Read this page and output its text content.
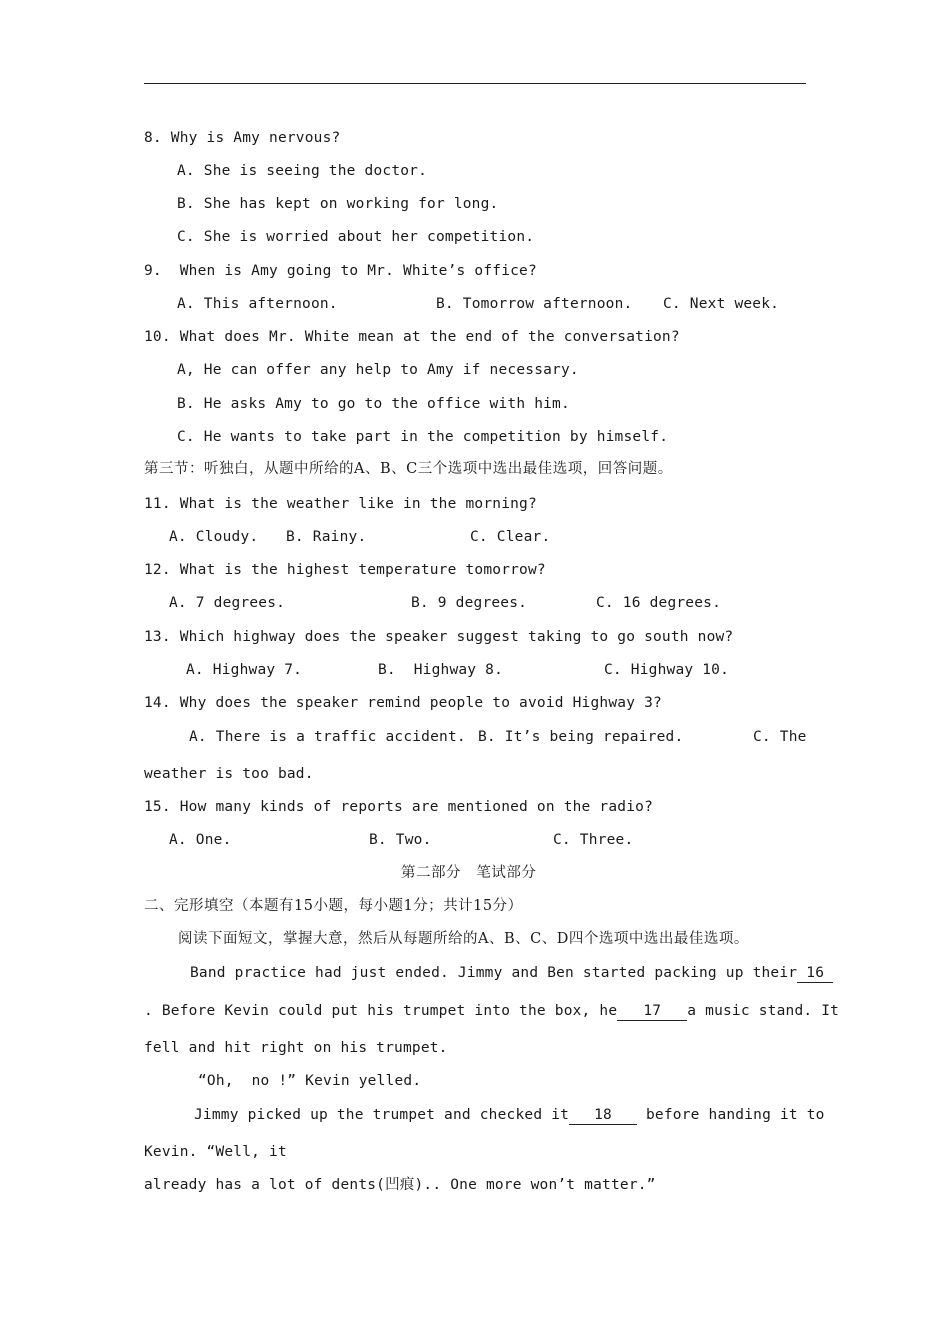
8. Why is Amy nervous?
A. She is seeing the doctor.
B. She has kept on working for long.
C. She is worried about her competition.
9.  When is Amy going to Mr. White’s office?
A. This afternoon.	B. Tomorrow afternoon. C. Next week.
10. What does Mr. White mean at the end of the conversation?
A, He can offer any help to Amy if necessary.
B. He asks Amy to go to the office with him.
C. He wants to take part in the competition by himself.
第三节：听独白，从题中所给的A、B、C三个选项中选出最佳选项，回答问题。
11. What is the weather like in the morning?
A. Cloudy. B. Rainy.	C. Clear.
12. What is the highest temperature tomorrow?
A. 7 degrees.	B. 9 degrees.	C. 16 degrees.
13. Which highway does the speaker suggest taking to go south now?
A. Highway 7.	B.  Highway 8.	C. Highway 10.
14. Why does the speaker remind people to avoid Highway 3?
A. There is a traffic accident. B. It’s being repaired.	C. The
weather is too bad.
15. How many kinds of reports are mentioned on the radio?
A. One.	B. Two.	C. Three.
第二部分   笔试部分
二、完形填空（本题有15小题，每小题1分；共计15分）
阅读下面短文，掌握大意，然后从每题所给的A、B、C、D四个选项中选出最佳选项。
Band practice had just ended. Jimmy and Ben started packing up their 16
. Before Kevin could put his trumpet into the box, he 17 a music stand. It
fell and hit right on his trumpet.
“Oh,  no !” Kevin yelled.
Jimmy picked up the trumpet and checked it 18 before handing it to
Kevin. “Well, it
already has a lot of dents(凹痕).. One more won’t matter.”
